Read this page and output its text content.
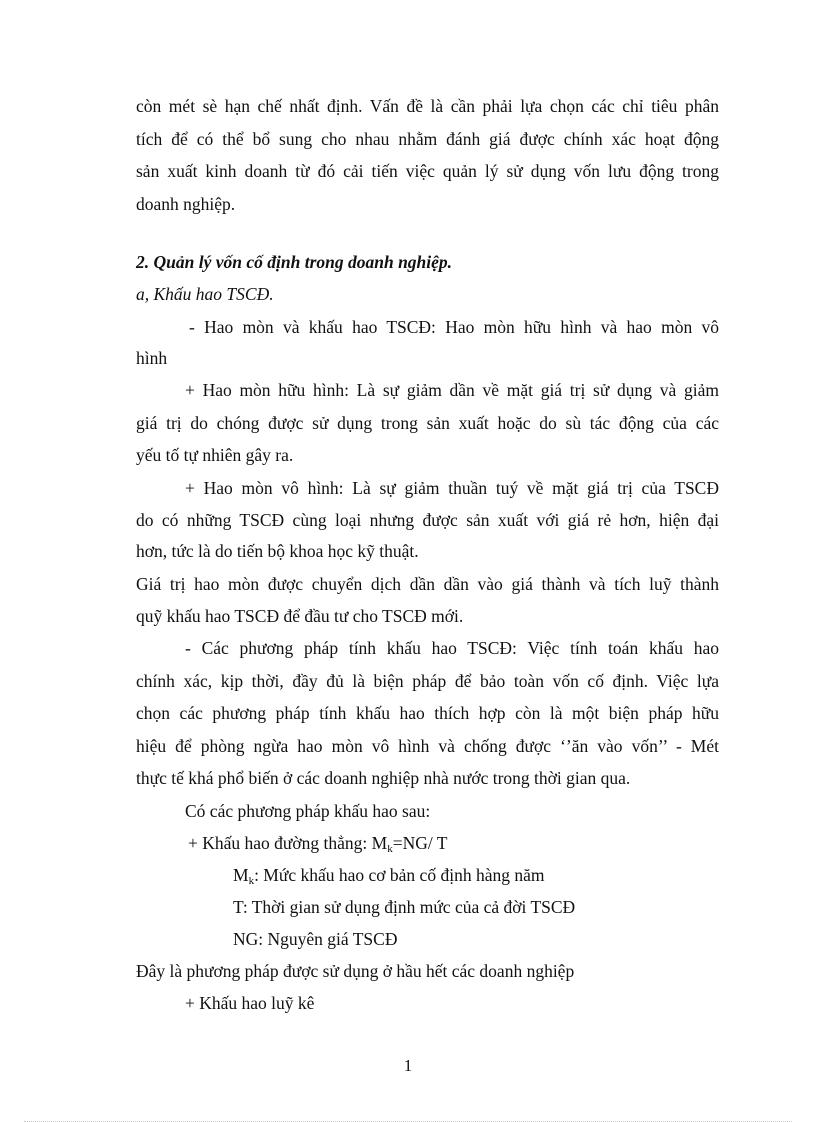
còn mét sè hạn chế nhất định. Vấn đề là cần phải lựa chọn các chỉ tiêu phân
tích để có thể bổ sung cho nhau nhằm đánh giá được chính xác hoạt động
sản xuất kinh doanh từ đó cải tiến việc quản lý sử dụng vốn lưu động trong
doanh nghiệp.
2. Quản lý vốn cố định trong doanh nghiệp.
a, Khấu hao TSCĐ.
- Hao mòn và khấu hao TSCĐ: Hao mòn hữu hình và hao mòn vô
hình
+ Hao mòn hữu hình: Là sự giảm dần về mặt giá trị sử dụng và giảm
giá trị do chóng được sử dụng trong sản xuất hoặc do sù tác động của các
yếu tố tự nhiên gây ra.
+ Hao mòn vô hình: Là sự giảm thuần tuý về mặt giá trị của TSCĐ
do có những TSCĐ cùng loại nhưng được sản xuất với giá rẻ hơn, hiện đại
hơn, tức là do tiến bộ khoa học kỹ thuật.
Giá trị hao mòn được chuyển dịch dần dần vào giá thành và tích luỹ thành
quỹ khấu hao TSCĐ để đầu tư cho TSCĐ mới.
- Các phương pháp tính khấu hao TSCĐ: Việc tính toán khấu hao
chính xác, kịp thời, đầy đủ là biện pháp để bảo toàn vốn cố định. Việc lựa
chọn các phương pháp tính khấu hao thích hợp còn là một biện pháp hữu
hiệu để phòng ngừa hao mòn vô hình và chống được ‘’ăn vào vốn’’ - Mét
thực tế khá phổ biến ở các doanh nghiệp nhà nước trong thời gian qua.
Có các phương pháp khấu hao sau:
+ Khấu hao đường thẳng: $M_k=NG/$ T
$M_k$: Mức khấu hao cơ bản cố định hàng năm
T: Thời gian sử dụng định mức của cả đời TSCĐ
NG: Nguyên giá TSCĐ
Đây là phương pháp được sử dụng ở hầu hết các doanh nghiệp
+ Khấu hao luỹ kê
1
